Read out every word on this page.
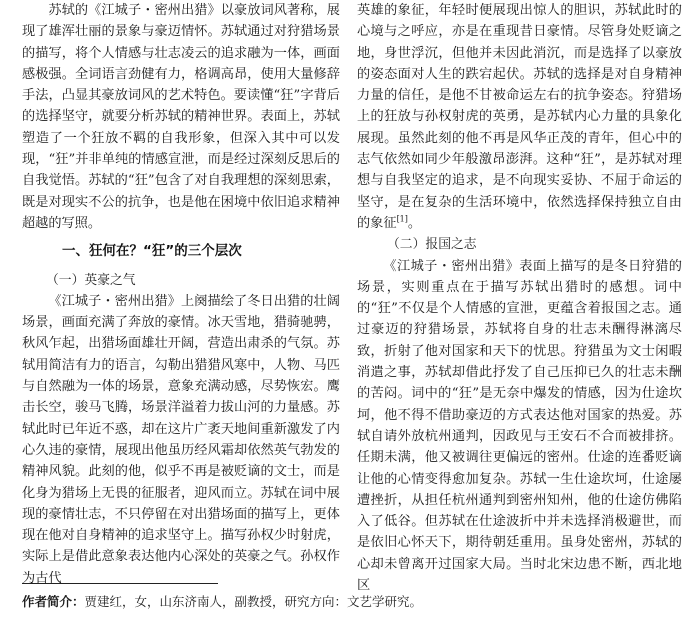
苏轼的《江城子・密州出猎》以豪放词风著称，展现了雄浑壮丽的景象与豪迈情怀。苏轼通过对狩猎场景的描写，将个人情感与壮志凌云的追求融为一体，画面感极强。全词语言劲健有力，格调高昂，使用大量修辞手法，凸显其豪放词风的艺术特色。要读懂“狂”字背后的选择坚守，就要分析苏轼的精神世界。表面上，苏轼塑造了一个狂放不羁的自我形象，但深入其中可以发现，“狂”并非单纯的情感宣泄，而是经过深刻反思后的自我觉悟。苏轼的“狂”包含了对自我理想的深刻思索，既是对现实不公的抗争，也是他在困境中依旧追求精神超越的写照。

一、狂何在？“狂”的三个层次

（一）英豪之气

《江城子・密州出猎》上阕描绘了冬日出猎的壮阔场景，画面充满了奔放的豪情。冰天雪地，猎骑驰骋，秋风乍起，出猎场面雄壮开阔，营造出肃杀的气氛。苏轼用简洁有力的语言，勾勒出猎猎风寒中，人物、马匹与自然融为一体的场景，意象充满动感，尽势恢宏。鹰击长空，骏马飞腾，场景洋溢着力拔山河的力量感。苏轼此时已年近不惑，却在这片广袤天地间重新激发了内心久违的豪情，展现出他虽历经风霜却依然英气勃发的精神风貌。此刻的他，似乎不再是被贬谪的文士，而是化身为猎场上无畏的征服者，迎风而立。苏轼在词中展现的豪情壮志，不只停留在对出猎场面的描写上，更体现在他对自身精神的追求坚守上。描写孙权少时射虎，实际上是借此意象表达他内心深处的英豪之气。孙权作为古代

英雄的象征，年轻时便展现出惊人的胆识，苏轼此时的心境与之呼应，亦是在重现昔日豪情。尽管身处贬谪之地，身世浮沉，但他并未因此消沉，而是选择了以豪放的姿态面对人生的跌宕起伏。苏轼的选择是对自身精神力量的信任，是他不甘被命运左右的抗争姿态。狩猎场上的狂放与孙权射虎的英勇，是苏轼内心力量的具象化展现。虽然此刻的他不再是风华正茂的青年，但心中的志气依然如同少年般激昂澎湃。这种“狂”，是苏轼对理想与自我坚定的追求，是不向现实妥协、不屈于命运的坚守，是在复杂的生活环境中，依然选择保持独立自由的象征[1]。

（二）报国之志

《江城子・密州出猎》表面上描写的是冬日狩猎的场景，实则重点在于描写苏轼出猎时的感想。词中的“狂”不仅是个人情感的宣泄，更蕴含着报国之志。通过豪迈的狩猎场景，苏轼将自身的壮志未酬得淋漓尽致，折射了他对国家和天下的忧思。狩猎虽为文士闲暇消遣之事，苏轼却借此抒发了自己压抑已久的壮志未酬的苦闷。词中的“狂”是无奈中爆发的情感，因为仕途坎坷，他不得不借助豪迈的方式表达他对国家的热爱。苏轼自请外放杭州通判，因政见与王安石不合而被排挤。任期未满，他又被调往更偏远的密州。仕途的连番贬谪让他的心情变得愈加复杂。苏轼一生仕途坎坷，仕途屡遭挫折，从担任杭州通判到密州知州，他的仕途仿佛陷入了低谷。但苏轼在仕途波折中并未选择消极避世，而是依旧心怀天下，期待朝廷重用。虽身处密州，苏轼的心却未曾离开过国家大局。当时北宋边患不断，西北地区

作者简介：贾建红，女，山东济南人，副教授，研究方向：文艺学研究。
